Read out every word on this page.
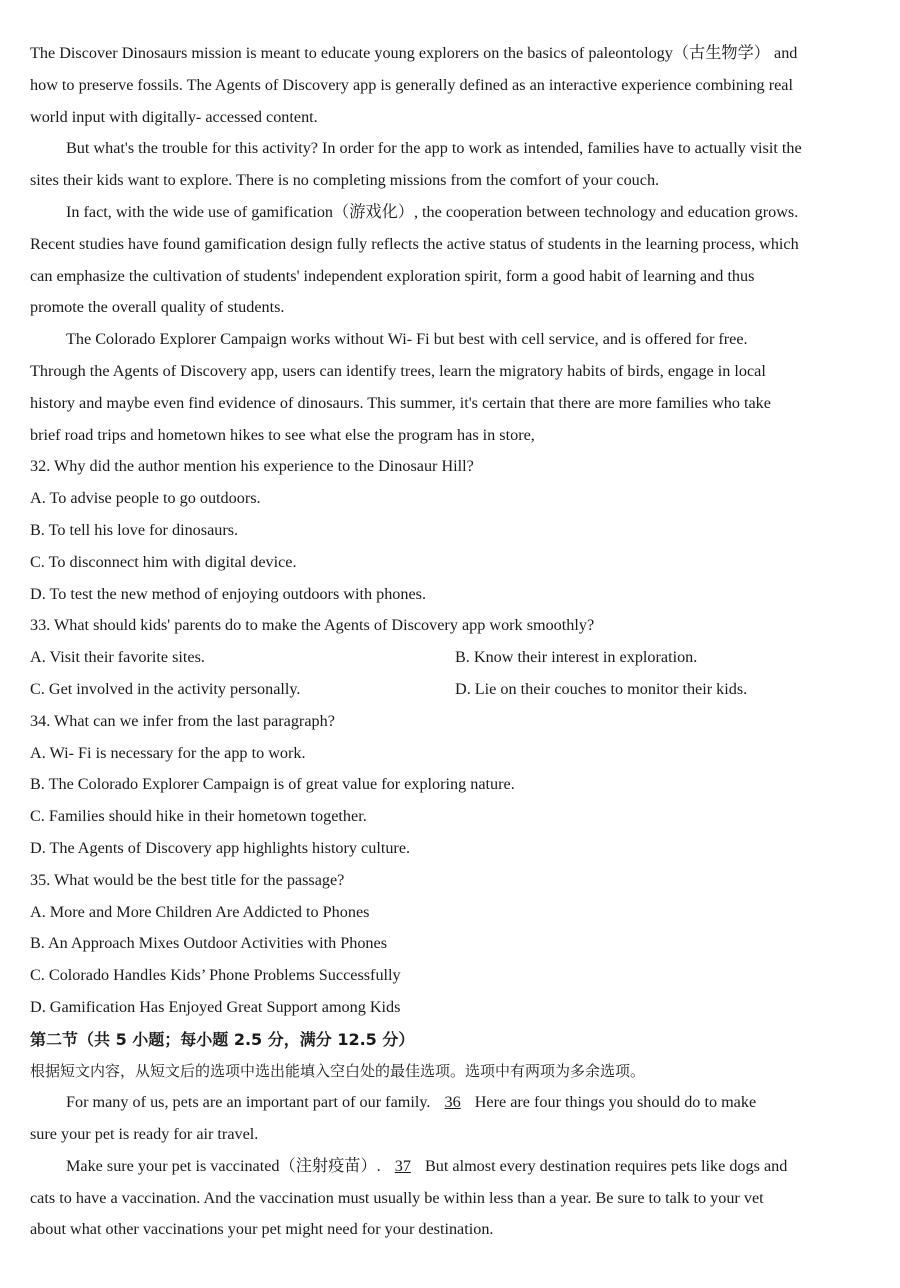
The Discover Dinosaurs mission is meant to educate young explorers on the basics of paleontology（古生物学） and
how to preserve fossils. The Agents of Discovery app is generally defined as an interactive experience combining real
world input with digitally- accessed content.
But what's the trouble for this activity? In order for the app to work as intended, families have to actually visit the
sites their kids want to explore. There is no completing missions from the comfort of your couch.
In fact, with the wide use of gamification（游戏化）, the cooperation between technology and education grows.
Recent studies have found gamification design fully reflects the active status of students in the learning process, which
can emphasize the cultivation of students' independent exploration spirit, form a good habit of learning and thus
promote the overall quality of students.
The Colorado Explorer Campaign works without Wi- Fi but best with cell service, and is offered for free.
Through the Agents of Discovery app, users can identify trees, learn the migratory habits of birds, engage in local
history and maybe even find evidence of dinosaurs. This summer, it's certain that there are more families who take
brief road trips and hometown hikes to see what else the program has in store,
32. Why did the author mention his experience to the Dinosaur Hill?
A. To advise people to go outdoors.
B. To tell his love for dinosaurs.
C. To disconnect him with digital device.
D. To test the new method of enjoying outdoors with phones.
33. What should kids' parents do to make the Agents of Discovery app work smoothly?
A. Visit their favorite sites.	B. Know their interest in exploration.
C. Get involved in the activity personally.	D. Lie on their couches to monitor their kids.
34. What can we infer from the last paragraph?
A. Wi- Fi is necessary for the app to work.
B. The Colorado Explorer Campaign is of great value for exploring nature.
C. Families should hike in their hometown together.
D. The Agents of Discovery app highlights history culture.
35. What would be the best title for the passage?
A. More and More Children Are Addicted to Phones
B. An Approach Mixes Outdoor Activities with Phones
C. Colorado Handles Kids’ Phone Problems Successfully
D. Gamification Has Enjoyed Great Support among Kids
第二节（共 5 小题；每小题 2.5 分，满分 12.5 分）
根据短文内容，从短文后的选项中选出能填入空白处的最佳选项。选项中有两项为多余选项。
For many of us, pets are an important part of our family. 36 Here are four things you should do to make
sure your pet is ready for air travel.
Make sure your pet is vaccinated（注射疫苗）. 37 But almost every destination requires pets like dogs and
cats to have a vaccination. And the vaccination must usually be within less than a year. Be sure to talk to your vet
about what other vaccinations your pet might need for your destination.
